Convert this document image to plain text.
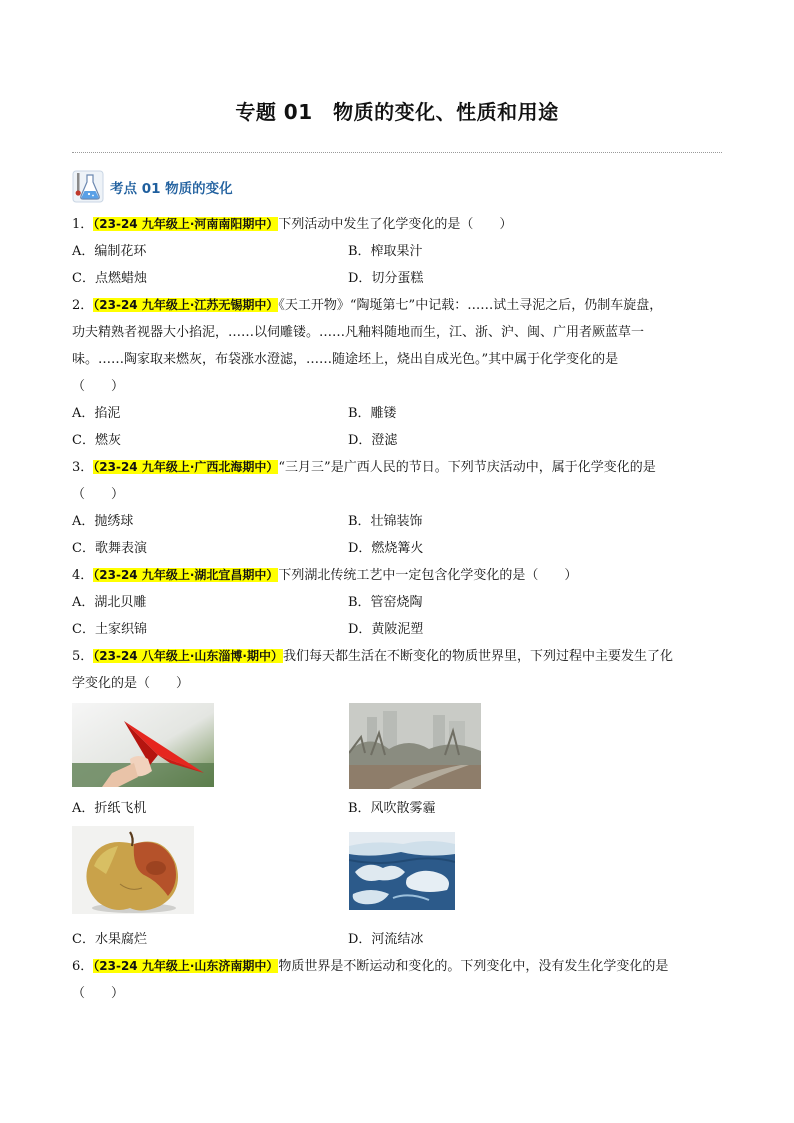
专题 01　物质的变化、性质和用途
考点 01 物质的变化

1．（23-24 九年级上·河南南阳期中）下列活动中发生了化学变化的是（　　）

A．编制花环	B．榨取果汁
C．点燃蜡烛	D．切分蛋糕

2．（23-24 九年级上·江苏无锡期中）《天工开物》“陶埏第七”中记载：……试土寻泥之后，仍制车旋盘，

功夫精熟者视器大小掐泥，……以伺雕镂。……凡釉料随地而生，江、浙、沪、闽、广用者厥蓝草一

味。……陶家取来燃灰，布袋涨水澄滤，……随途坯上，烧出自成光色。”其中属于化学变化的是

（　　）

A．掐泥	B．雕镂
C．燃灰	D．澄滤

3．（23-24 九年级上·广西北海期中）“三月三”是广西人民的节日。下列节庆活动中，属于化学变化的是

（　　）

A．抛绣球	B．壮锦装饰
C．歌舞表演	D．燃烧篝火

4．（23-24 九年级上·湖北宜昌期中）下列湖北传统工艺中一定包含化学变化的是（　　）

A．湖北贝雕	B．管窑烧陶
C．土家织锦	D．黄陂泥塑

5．（23-24 八年级上·山东淄博·期中）我们每天都生活在不断变化的物质世界里，下列过程中主要发生了化

学变化的是（　　）

A．折纸飞机	B．风吹散雾霾
C．水果腐烂	D．河流结冰

6．（23-24 九年级上·山东济南期中）物质世界是不断运动和变化的。下列变化中，没有发生化学变化的是

（　　）
